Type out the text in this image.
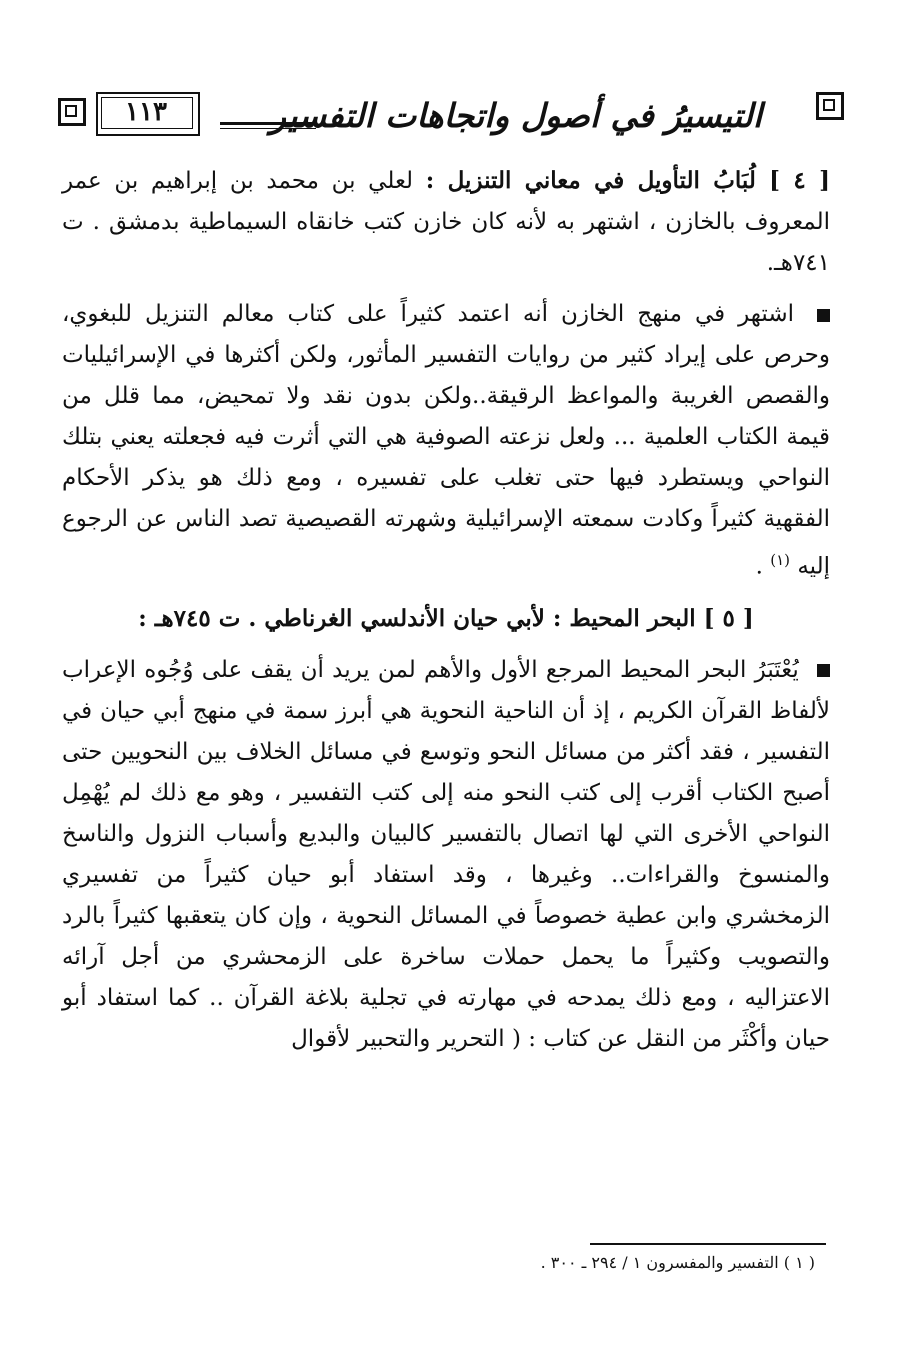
١١٣	التيسيرُ في أصول واتجاهات التفسير

[ ٤ ] لُبَابُ التأويل في معاني التنزيل : لعلي بن محمد بن إبراهيم بن عمر المعروف بالخازن ، اشتهر به لأنه كان خازن كتب خانقاه السيماطية بدمشق . ت ٧٤١هـ.

اشتهر في منهج الخازن أنه اعتمد كثيراً على كتاب معالم التنزيل للبغوي، وحرص على إيراد كثير من روايات التفسير المأثور، ولكن أكثرها في الإسرائيليات والقصص الغريبة والمواعظ الرقيقة..ولكن بدون نقد ولا تمحيض، مما قلل من قيمة الكتاب العلمية ... ولعل نزعته الصوفية هي التي أثرت فيه فجعلته يعني بتلك النواحي ويستطرد فيها حتى تغلب على تفسيره ، ومع ذلك هو يذكر الأحكام الفقهية كثيراً وكادت سمعته الإسرائيلية وشهرته القصيصية تصد الناس عن الرجوع إليه $^{(١)}$ .

[ ٥ ] البحر المحيط : لأبي حيان الأندلسي الغرناطي . ت ٧٤٥هـ :

يُعْتَبَرُ البحر المحيط المرجع الأول والأهم لمن يريد أن يقف على وُجُوه الإعراب لألفاظ القرآن الكريم ، إذ أن الناحية النحوية هي أبرز سمة في منهج أبي حيان في التفسير ، فقد أكثر من مسائل النحو وتوسع في مسائل الخلاف بين النحويين حتى أصبح الكتاب أقرب إلى كتب النحو منه إلى كتب التفسير ، وهو مع ذلك لم يُهْمِل النواحي الأخرى التي لها اتصال بالتفسير كالبيان والبديع وأسباب النزول والناسخ والمنسوخ والقراءات.. وغيرها ، وقد استفاد أبو حيان كثيراً من تفسيري الزمخشري وابن عطية خصوصاً في المسائل النحوية ، وإن كان يتعقبها كثيراً بالرد والتصويب وكثيراً ما يحمل حملات ساخرة على الزمحشري من أجل آرائه الاعتزاليه ، ومع ذلك يمدحه في مهارته في تجلية بلاغة القرآن .. كما استفاد أبو حيان وأكْثَر من النقل عن كتاب : ( التحرير والتحبير لأقوال

( ١ ) التفسير والمفسرون ١ / ٢٩٤ ـ ٣٠٠ .
